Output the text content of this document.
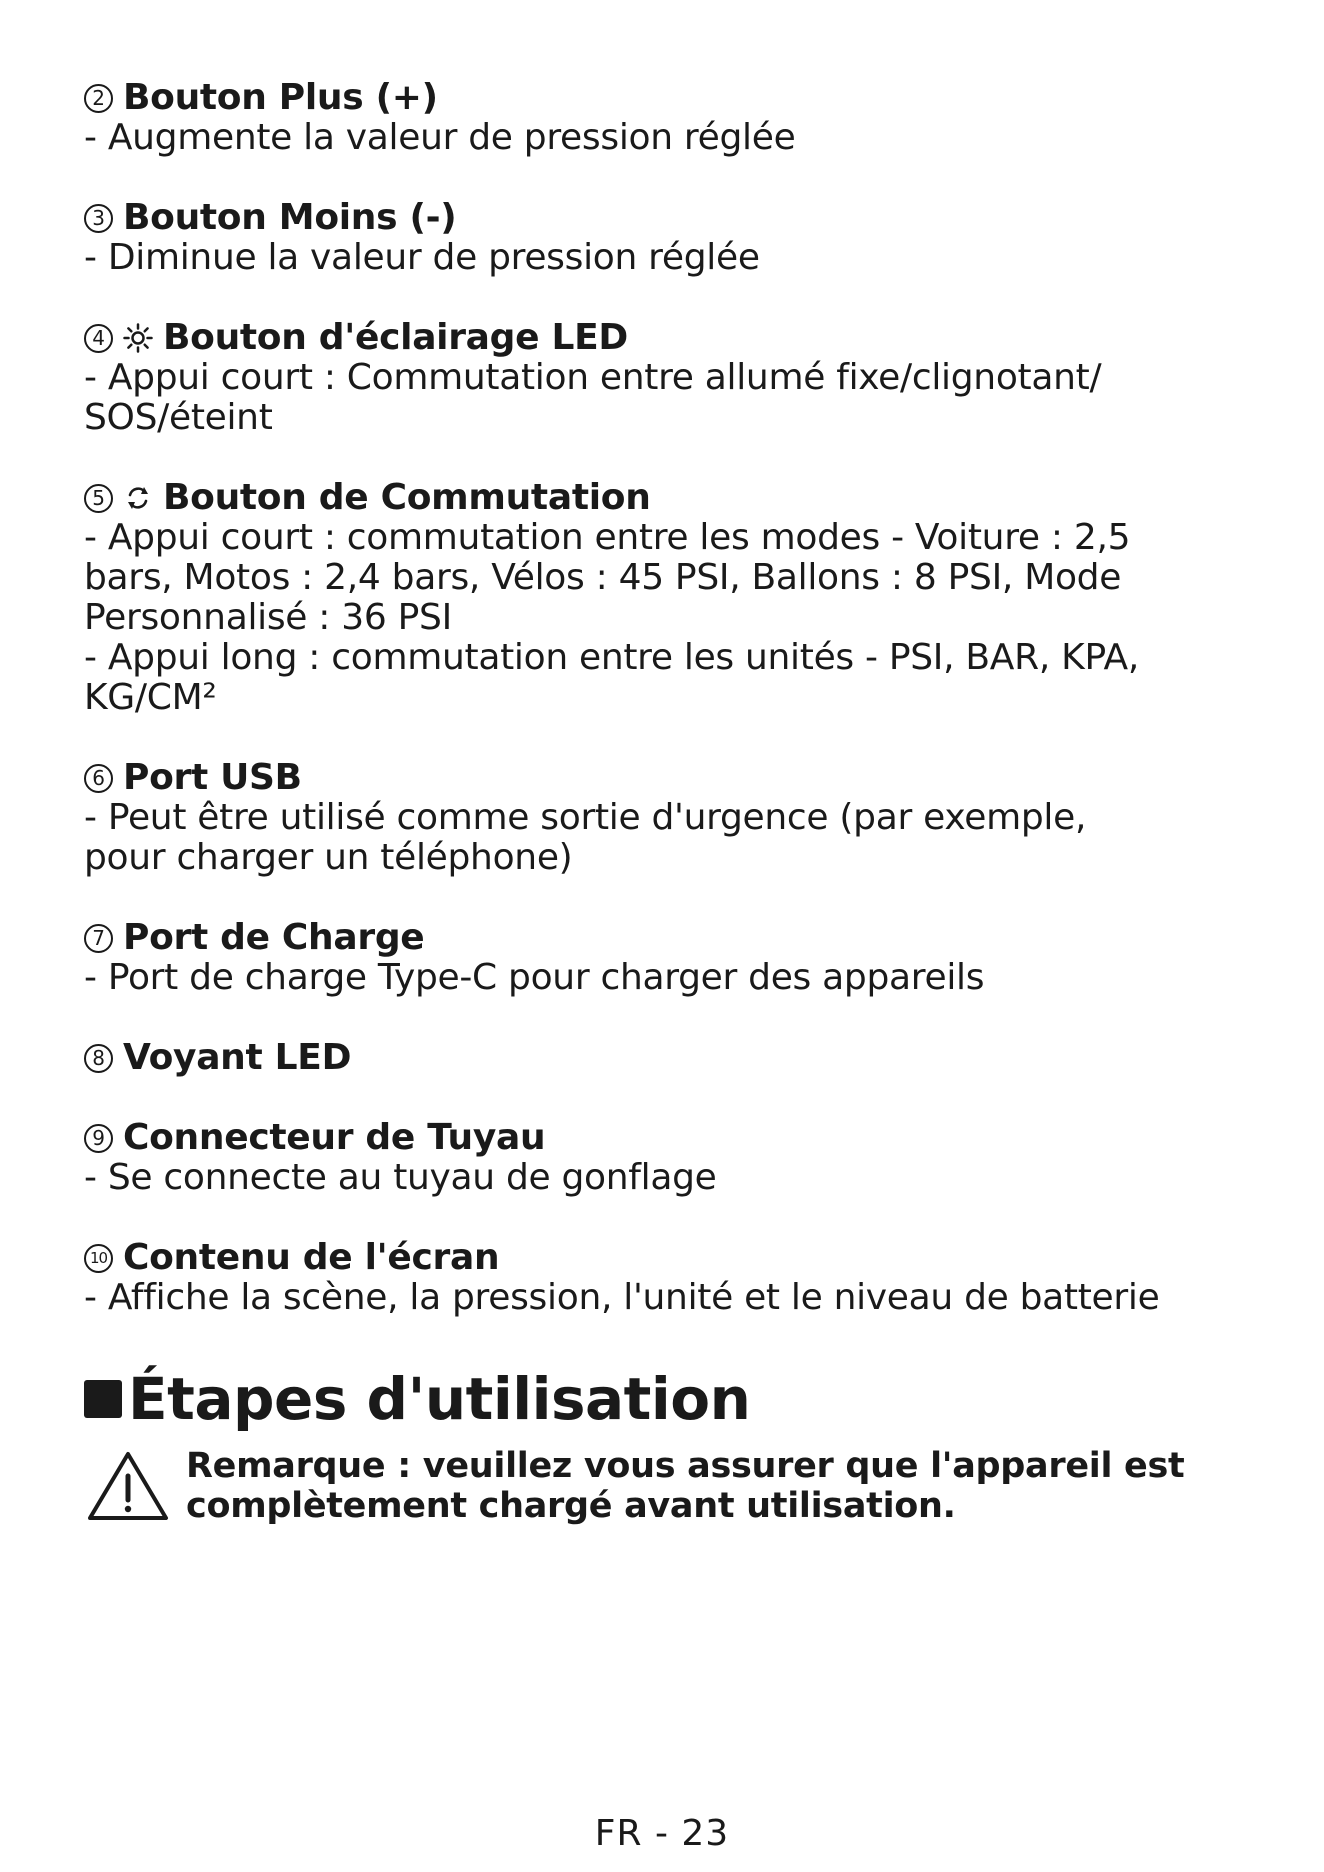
2 Bouton Plus (+)
- Augmente la valeur de pression réglée
3 Bouton Moins (-)
- Diminue la valeur de pression réglée
4 Bouton d'éclairage LED
- Appui court : Commutation entre allumé fixe/clignotant/
SOS/éteint
5 Bouton de Commutation
- Appui court : commutation entre les modes - Voiture : 2,5
bars, Motos : 2,4 bars, Vélos : 45 PSI, Ballons : 8 PSI, Mode
Personnalisé : 36 PSI
- Appui long : commutation entre les unités - PSI, BAR, KPA,
KG/CM²
6 Port USB
- Peut être utilisé comme sortie d'urgence (par exemple,
pour charger un téléphone)
7 Port de Charge
- Port de charge Type-C pour charger des appareils
8 Voyant LED
9 Connecteur de Tuyau
- Se connecte au tuyau de gonflage
10 Contenu de l'écran
- Affiche la scène, la pression, l'unité et le niveau de batterie
Étapes d'utilisation
Remarque : veuillez vous assurer que l'appareil est
complètement chargé avant utilisation.
FR - 23
